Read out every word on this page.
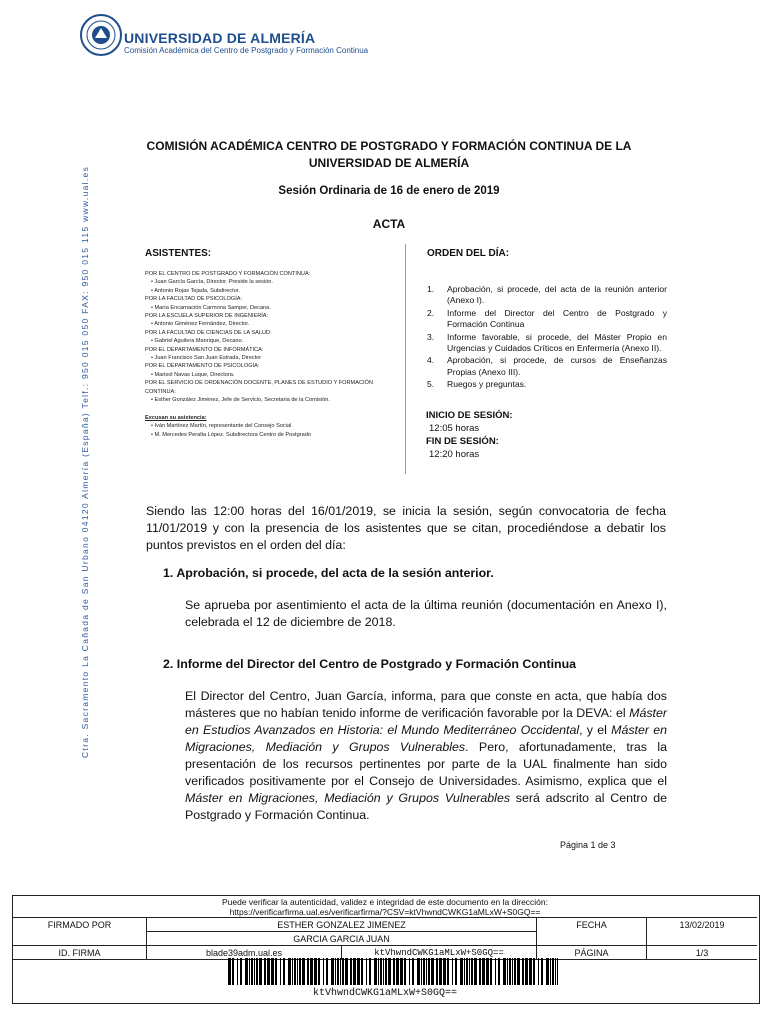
UNIVERSIDAD DE ALMERÍA
Comisión Académica del Centro de Postgrado y Formación Continua
Ctra. Sacramento La Cañada de San Urbano 04120 Almería (España) Telf.: 950 015 050 FAX: 950 015 115 www.ual.es
COMISIÓN ACADÉMICA CENTRO DE POSTGRADO Y FORMACIÓN CONTINUA DE LA UNIVERSIDAD DE ALMERÍA
Sesión Ordinaria de 16 de enero de 2019
ACTA
ASISTENTES:
POR EL CENTRO DE POSTGRADO Y FORMACIÓN CONTINUA:
• Juan García García, Director. Preside la sesión.
• Antonio Rojas Tejada, Subdirector.
POR LA FACULTAD DE PSICOLOGÍA:
• María Encarnación Carmona Samper, Decana.
POR LA ESCUELA SUPERIOR DE INGENIERÍA:
• Antonio Giménez Fernández, Director.
POR LA FACULTAD DE CIENCIAS DE LA SALUD:
• Gabriel Aguilera Manrique, Decano.
POR EL DEPARTAMENTO DE INFORMÁTICA:
• Juan Francisco San Juan Estrada, Director
POR EL DEPARTAMENTO DE PSICOLOGÍA:
• Marisol Navas Luque, Directora.
POR EL SERVICIO DE ORDENACIÓN DOCENTE, PLANES DE ESTUDIO Y FORMACIÓN CONTINUA:
• Esther González Jiménez, Jefe de Servicio, Secretaria de la Comisión.
Excusan su asistencia:
• Iván Martínez Martín, representante del Consejo Social
• M. Mercedes Peralta López. Subdirectora Centro de Postgrado
ORDEN DEL DÍA:
1.	Aprobación, si procede, del acta de la reunión anterior (Anexo I).
2.	Informe del Director del Centro de Postgrado y Formación Continua
3.	Informe favorable, si procede, del Máster Propio en Urgencias y Cuidados Críticos en Enfermería (Anexo II).
4.	Aprobación, si procede, de cursos de Enseñanzas Propias (Anexo III).
5.	Ruegos y preguntas.
INICIO DE SESIÓN:
12:05 horas
FIN DE SESIÓN:
12:20 horas
Siendo las 12:00 horas del 16/01/2019, se inicia la sesión, según convocatoria de fecha 11/01/2019 y con la presencia de los asistentes que se citan, procediéndose a debatir los puntos previstos en el orden del día:
1. Aprobación, si procede, del acta de la sesión anterior.
Se aprueba por asentimiento el acta de la última reunión (documentación en Anexo I), celebrada el 12 de diciembre de 2018.
2. Informe del Director del Centro de Postgrado y Formación Continua
El Director del Centro, Juan García, informa, para que conste en acta, que había dos másteres que no habían tenido informe de verificación favorable por la DEVA: el Máster en Estudios Avanzados en Historia: el Mundo Mediterráneo Occidental, y el Máster en Migraciones, Mediación y Grupos Vulnerables. Pero, afortunadamente, tras la presentación de los recursos pertinentes por parte de la UAL finalmente han sido verificados positivamente por el Consejo de Universidades. Asimismo, explica que el Máster en Migraciones, Mediación y Grupos Vulnerables será adscrito al Centro de Postgrado y Formación Continua.
Página 1 de 3
Puede verificar la autenticidad, validez e integridad de este documento en la dirección:
https://verificarfirma.ual.es/verificarfirma/?CSV=ktVhwndCWKG1aMLxW+S0GQ==
FIRMADO POR	ESTHER GONZALEZ JIMENEZ	FECHA	13/02/2019
GARCIA GARCIA JUAN
ID. FIRMA	blade39adm.ual.es	ktVhwndCWKG1aMLxW+S0GQ==	PÁGINA	1/3
ktVhwndCWKG1aMLxW+S0GQ==
